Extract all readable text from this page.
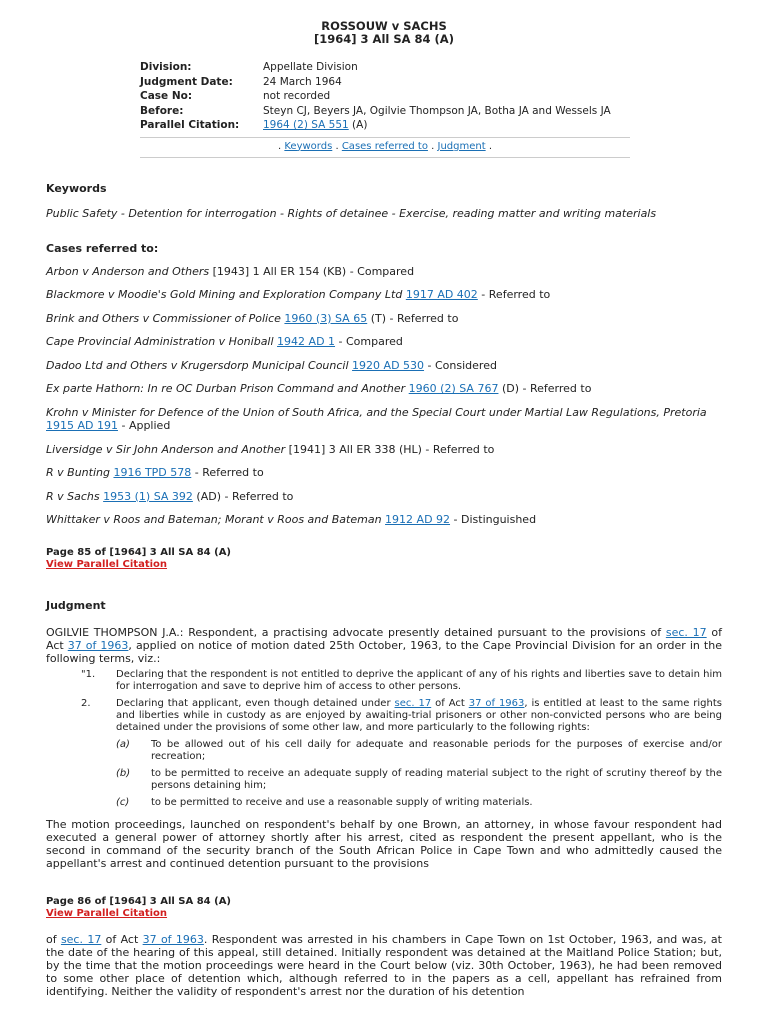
ROSSOUW v SACHS
[1964] 3 All SA 84 (A)
Division:	Appellate Division
Judgment Date:	24 March 1964
Case No:	not recorded
Before:	Steyn CJ, Beyers JA, Ogilvie Thompson JA, Botha JA and Wessels JA
Parallel Citation:	1964 (2) SA 551 (A)
. Keywords . Cases referred to . Judgment .
Keywords
Public Safety - Detention for interrogation - Rights of detainee - Exercise, reading matter and writing materials
Cases referred to:
Arbon v Anderson and Others [1943] 1 All ER 154 (KB) - Compared
Blackmore v Moodie's Gold Mining and Exploration Company Ltd 1917 AD 402 - Referred to
Brink and Others v Commissioner of Police 1960 (3) SA 65 (T) - Referred to
Cape Provincial Administration v Honiball 1942 AD 1 - Compared
Dadoo Ltd and Others v Krugersdorp Municipal Council 1920 AD 530 - Considered
Ex parte Hathorn: In re OC Durban Prison Command and Another 1960 (2) SA 767 (D) - Referred to
Krohn v Minister for Defence of the Union of South Africa, and the Special Court under Martial Law Regulations, Pretoria 1915 AD 191 - Applied
Liversidge v Sir John Anderson and Another [1941] 3 All ER 338 (HL) - Referred to
R v Bunting 1916 TPD 578 - Referred to
R v Sachs 1953 (1) SA 392 (AD) - Referred to
Whittaker v Roos and Bateman; Morant v Roos and Bateman 1912 AD 92 - Distinguished
Page 85 of [1964] 3 All SA 84 (A)
View Parallel Citation
Judgment
OGILVIE THOMPSON J.A.: Respondent, a practising advocate presently detained pursuant to the provisions of sec. 17 of Act 37 of 1963, applied on notice of motion dated 25th October, 1963, to the Cape Provincial Division for an order in the following terms, viz.:
"1.	Declaring that the respondent is not entitled to deprive the applicant of any of his rights and liberties save to detain him for interrogation and save to deprive him of access to other persons.
2.	Declaring that applicant, even though detained under sec. 17 of Act 37 of 1963, is entitled at least to the same rights and liberties while in custody as are enjoyed by awaiting-trial prisoners or other non-convicted persons who are being detained under the provisions of some other law, and more particularly to the following rights:
(a)	To be allowed out of his cell daily for adequate and reasonable periods for the purposes of exercise and/or recreation;
(b)	to be permitted to receive an adequate supply of reading material subject to the right of scrutiny thereof by the persons detaining him;
(c)	to be permitted to receive and use a reasonable supply of writing materials.
The motion proceedings, launched on respondent's behalf by one Brown, an attorney, in whose favour respondent had executed a general power of attorney shortly after his arrest, cited as respondent the present appellant, who is the second in command of the security branch of the South African Police in Cape Town and who admittedly caused the appellant's arrest and continued detention pursuant to the provisions
Page 86 of [1964] 3 All SA 84 (A)
View Parallel Citation
of sec. 17 of Act 37 of 1963. Respondent was arrested in his chambers in Cape Town on 1st October, 1963, and was, at the date of the hearing of this appeal, still detained. Initially respondent was detained at the Maitland Police Station; but, by the time that the motion proceedings were heard in the Court below (viz. 30th October, 1963), he had been removed to some other place of detention which, although referred to in the papers as a cell, appellant has refrained from identifying. Neither the validity of respondent's arrest nor the duration of his detention
